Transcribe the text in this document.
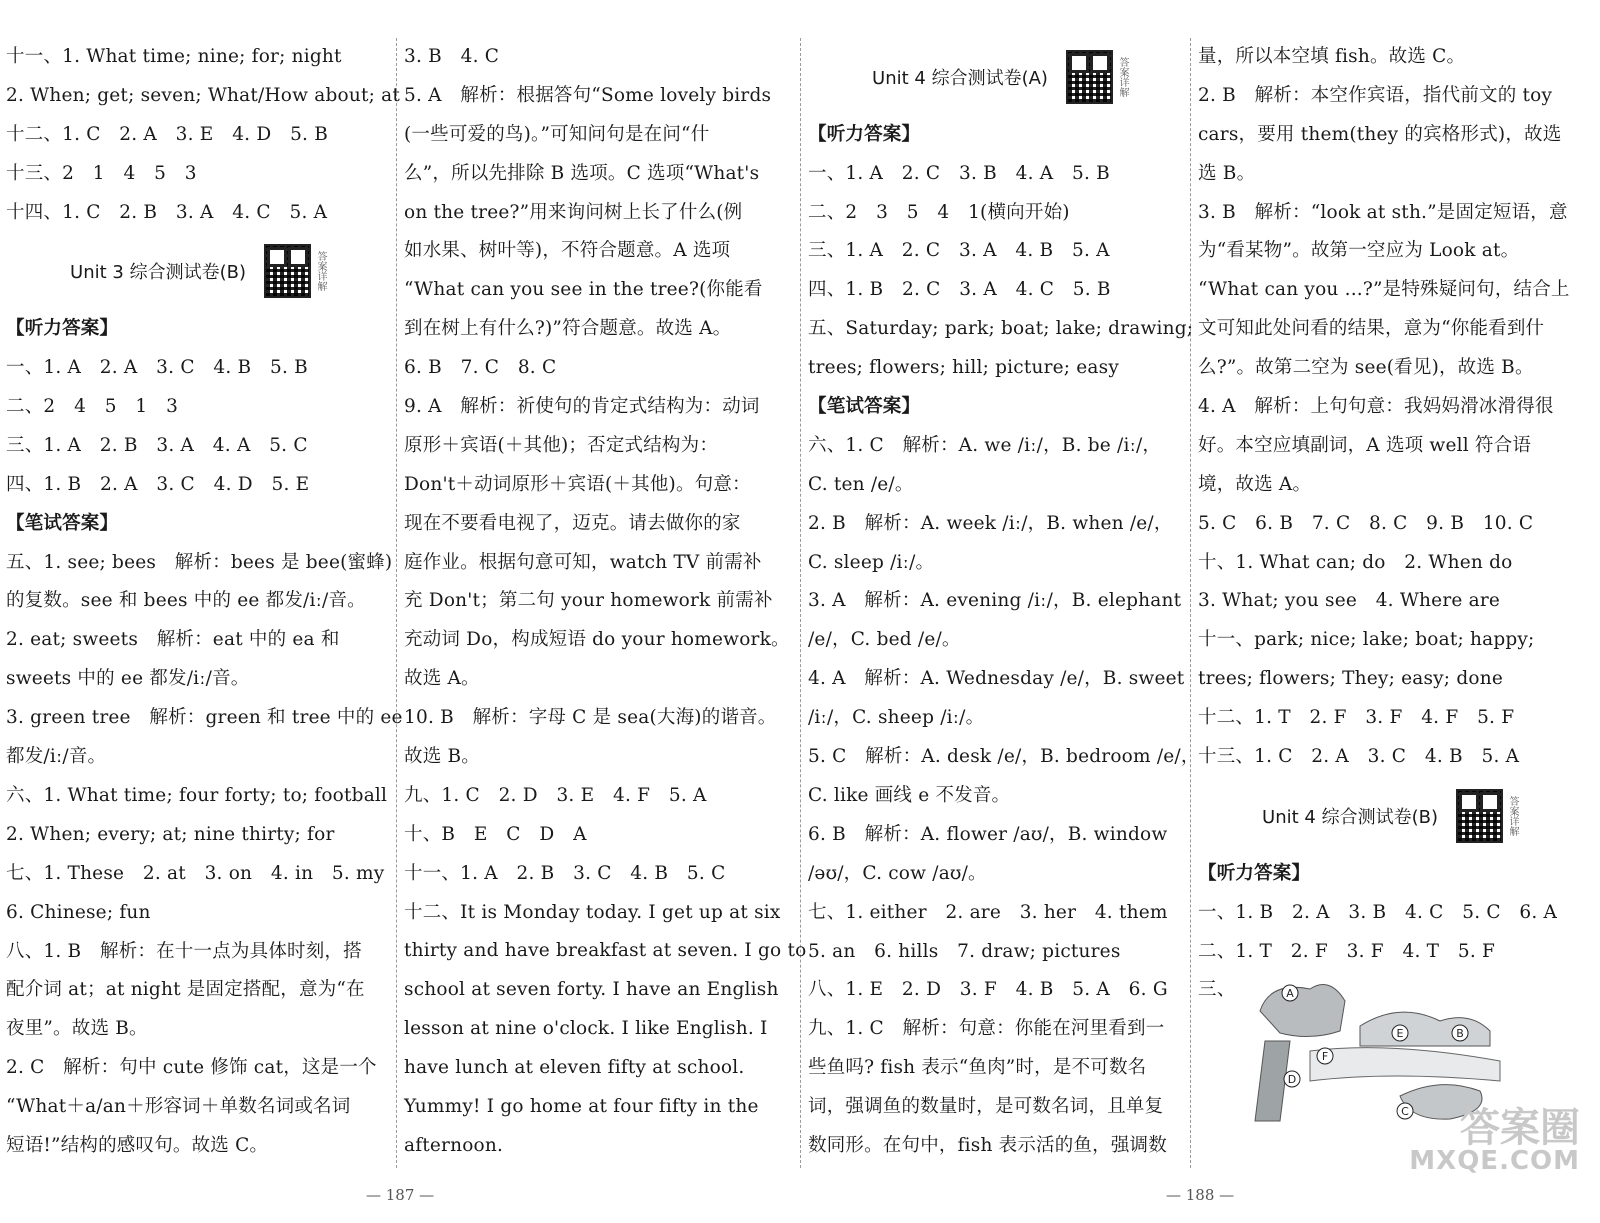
十一、1. What time; nine; for; night
2. When; get; seven; What/How about; at
十二、1. C　2. A　3. E　4. D　5. B
十三、2　1　4　5　3
十四、1. C　2. B　3. A　4. C　5. A
Unit 3 综合测试卷(B)	答案详解
【听力答案】
一、1. A　2. A　3. C　4. B　5. B
二、2　4　5　1　3
三、1. A　2. B　3. A　4. A　5. C
四、1. B　2. A　3. C　4. D　5. E
【笔试答案】
五、1. see; bees　解析：bees 是 bee(蜜蜂)
的复数。see 和 bees 中的 ee 都发/iː/音。
2. eat; sweets　解析：eat 中的 ea 和
sweets 中的 ee 都发/iː/音。
3. green tree　解析：green 和 tree 中的 ee
都发/iː/音。
六、1. What time; four forty; to; football
2. When; every; at; nine thirty; for
七、1. These　2. at　3. on　4. in　5. my
6. Chinese; fun
八、1. B　解析：在十一点为具体时刻，搭
配介词 at；at night 是固定搭配，意为“在
夜里”。故选 B。
2. C　解析：句中 cute 修饰 cat，这是一个
“What＋a/an＋形容词＋单数名词或名词
短语!”结构的感叹句。故选 C。
3. B　4. C
5. A　解析：根据答句“Some lovely birds
(一些可爱的鸟)。”可知问句是在问“什
么”，所以先排除 B 选项。C 选项“What's
on the tree?”用来询问树上长了什么(例
如水果、树叶等)，不符合题意。A 选项
“What can you see in the tree?(你能看
到在树上有什么?)”符合题意。故选 A。
6. B　7. C　8. C
9. A　解析：祈使句的肯定式结构为：动词
原形＋宾语(＋其他)；否定式结构为：
Don't＋动词原形＋宾语(＋其他)。句意：
现在不要看电视了，迈克。请去做你的家
庭作业。根据句意可知，watch TV 前需补
充 Don't；第二句 your homework 前需补
充动词 Do，构成短语 do your homework。
故选 A。
10. B　解析：字母 C 是 sea(大海)的谐音。
故选 B。
九、1. C　2. D　3. E　4. F　5. A
十、B　E　C　D　A
十一、1. A　2. B　3. C　4. B　5. C
十二、It is Monday today. I get up at six
thirty and have breakfast at seven. I go to
school at seven forty. I have an English
lesson at nine o'clock. I like English. I
have lunch at eleven fifty at school.
Yummy! I go home at four fifty in the
afternoon.
Unit 4 综合测试卷(A)	答案详解
【听力答案】
一、1. A　2. C　3. B　4. A　5. B
二、2　3　5　4　1(横向开始)
三、1. A　2. C　3. A　4. B　5. A
四、1. B　2. C　3. A　4. C　5. B
五、Saturday; park; boat; lake; drawing;
trees; flowers; hill; picture; easy
【笔试答案】
六、1. C　解析：A. we /iː/，B. be /iː/，
C. ten /e/。
2. B　解析：A. week /iː/，B. when /e/，
C. sleep /iː/。
3. A　解析：A. evening /iː/，B. elephant
/e/，C. bed /e/。
4. A　解析：A. Wednesday /e/，B. sweet
/iː/，C. sheep /iː/。
5. C　解析：A. desk /e/，B. bedroom /e/，
C. like 画线 e 不发音。
6. B　解析：A. flower /aʊ/，B. window
/əʊ/，C. cow /aʊ/。
七、1. either　2. are　3. her　4. them
5. an　6. hills　7. draw; pictures
八、1. E　2. D　3. F　4. B　5. A　6. G
九、1. C　解析：句意：你能在河里看到一
些鱼吗? fish 表示“鱼肉”时，是不可数名
词，强调鱼的数量时，是可数名词，且单复
数同形。在句中，fish 表示活的鱼，强调数
量，所以本空填 fish。故选 C。
2. B　解析：本空作宾语，指代前文的 toy
cars，要用 them(they 的宾格形式)，故选
选 B。
3. B　解析：“look at sth.”是固定短语，意
为“看某物”。故第一空应为 Look at。
“What can you ...?”是特殊疑问句，结合上
文可知此处问看的结果，意为“你能看到什
么?”。故第二空为 see(看见)，故选 B。
4. A　解析：上句句意：我妈妈滑冰滑得很
好。本空应填副词，A 选项 well 符合语
境，故选 A。
5. C　6. B　7. C　8. C　9. B　10. C
十、1. What can; do　2. When do
3. What; you see　4. Where are
十一、park; nice; lake; boat; happy;
trees; flowers; They; easy; done
十二、1. T　2. F　3. F　4. F　5. F
十三、1. C　2. A　3. C　4. B　5. A
Unit 4 综合测试卷(B)	答案详解
【听力答案】
一、1. B　2. A　3. B　4. C　5. C　6. A
二、1. T　2. F　3. F　4. T　5. F
三、	A
B
C
D
E
F
— 187 —	— 188 —
答案圈
MXQE.COM
